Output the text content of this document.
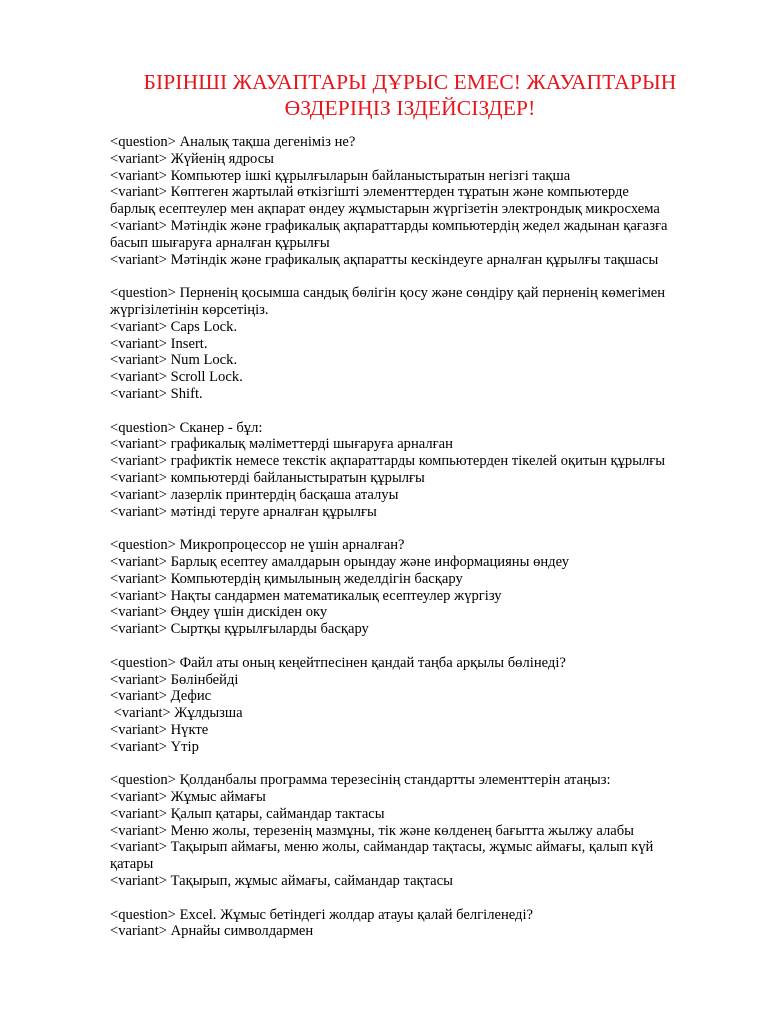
БІРІНШІ ЖАУАПТАРЫ ДҰРЫС ЕМЕС! ЖАУАПТАРЫН
ӨЗДЕРІҢІЗ ІЗДЕЙСІЗДЕР!
<question> Аналық тақша дегеніміз не?
<variant> Жүйенің ядросы
<variant> Компьютер ішкі құрылғыларын байланыстыратын негізгі тақша
<variant> Көптеген жартылай өткізгішті элементтерден тұратын және компьютерде
барлық есептеулер мен ақпарат өндеу жұмыстарын жүргізетін электрондық микросхема
<variant> Мәтіндік және графикалық ақпараттарды компьютердің жедел жадынан қағазға
басып шығаруға арналған құрылғы
<variant> Мәтіндік және графикалық ақпаратты кескіндеуге арналған құрылғы тақшасы
<question> Перненің қосымша сандық бөлігін қосу және сөндіру қай перненің көмегімен
жүргізілетінін көрсетіңіз.
<variant> Caps Lock.
<variant> Insert.
<variant> Num Lock.
<variant> Scroll Lock.
<variant> Shift.
<question> Сканер - бұл:
<variant> графикалық мәліметтерді шығаруға арналған
<variant> графиктік немесе текстік ақпараттарды компьютерден тікелей оқитын құрылғы
<variant> компьютерді байланыстыратын құрылғы
<variant> лазерлік принтердің басқаша аталуы
<variant> мәтінді теруге арналған құрылғы
<question> Микропроцессор не үшін арналған?
<variant> Барлық есептеу амалдарын орындау және информацияны өндеу
<variant> Компьютердің қимылының жеделдігін басқару
<variant> Нақты сандармен математикалық есептеулер жүргізу
<variant> Өңдеу үшін дискіден оку
<variant> Сыртқы құрылғыларды басқару
<question> Файл аты оның кеңейтпесінен қандай таңба арқылы бөлінеді?
<variant> Бөлінбейді
<variant> Дефис
<variant> Жұлдызша
<variant> Нүкте
<variant> Үтір
<question> Қолданбалы программа терезесінің стандартты элементтерін атаңыз:
<variant> Жұмыс аймағы
<variant> Қалып қатары, саймандар тактасы
<variant> Меню жолы, терезенің мазмұны, тік және көлденең бағытта жылжу алабы
<variant> Тақырып аймағы, меню жолы, саймандар тақтасы, жұмыс аймағы, қалып күй
қатары
<variant> Тақырып, жұмыс аймағы, саймандар тақтасы
<question> Excel. Жұмыс бетіндегі жолдар атауы қалай белгіленеді?
<variant> Арнайы символдармен
